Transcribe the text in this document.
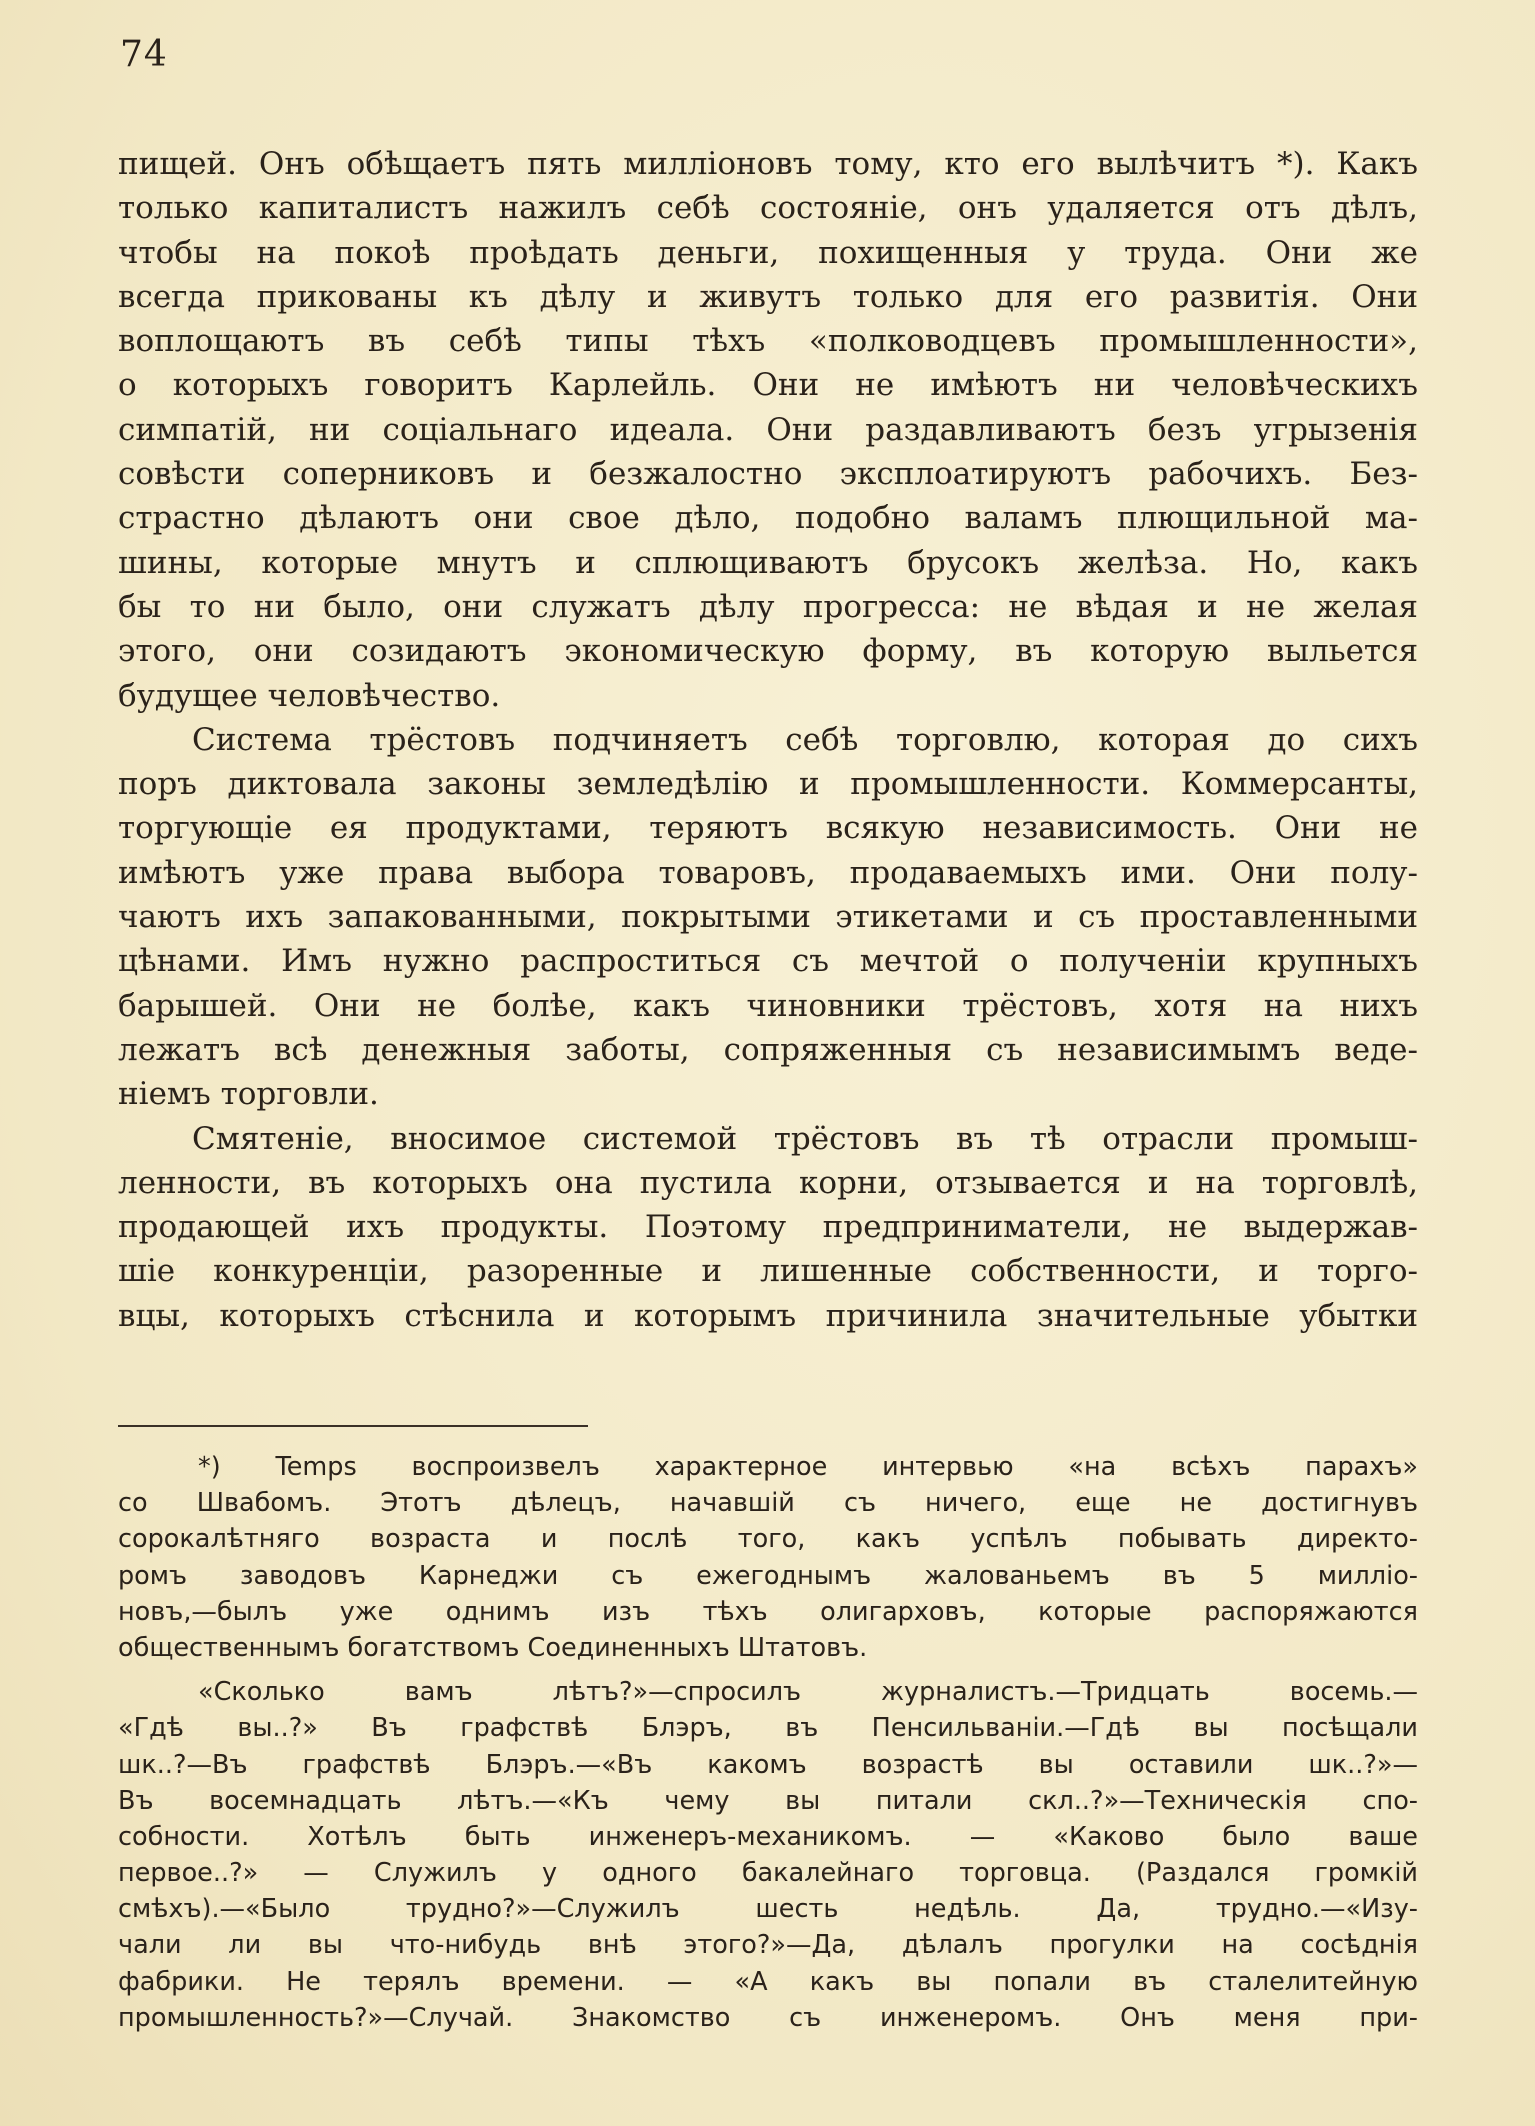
74
пищей. Онъ обѣщаетъ пять милліоновъ тому, кто его вылѣчитъ *). Какъ
только капиталистъ нажилъ себѣ состояніе, онъ удаляется отъ дѣлъ,
чтобы на покоѣ проѣдать деньги, похищенныя у труда. Они же
всегда прикованы къ дѣлу и живутъ только для его развитія. Они
воплощаютъ въ себѣ типы тѣхъ «полководцевъ промышленности»,
о которыхъ говоритъ Карлейль. Они не имѣютъ ни человѣческихъ
симпатій, ни соціальнаго идеала. Они раздавливаютъ безъ угрызенія
совѣсти соперниковъ и безжалостно эксплоатируютъ рабочихъ. Без-
страстно дѣлаютъ они свое дѣло, подобно валамъ плющильной ма-
шины, которые мнутъ и сплющиваютъ брусокъ желѣза. Но, какъ
бы то ни было, они служатъ дѣлу прогресса: не вѣдая и не желая
этого, они созидаютъ экономическую форму, въ которую выльется
будущее человѣчество.
Система трёстовъ подчиняетъ себѣ торговлю, которая до сихъ
поръ диктовала законы земледѣлію и промышленности. Коммерсанты,
торгующіе ея продуктами, теряютъ всякую независимость. Они не
имѣютъ уже права выбора товаровъ, продаваемыхъ ими. Они полу-
чаютъ ихъ запакованными, покрытыми этикетами и съ проставленными
цѣнами. Имъ нужно распроститься съ мечтой о полученіи крупныхъ
барышей. Они не болѣе, какъ чиновники трёстовъ, хотя на нихъ
лежатъ всѣ денежныя заботы, сопряженныя съ независимымъ веде-
ніемъ торговли.
Смятеніе, вносимое системой трёстовъ въ тѣ отрасли промыш-
ленности, въ которыхъ она пустила корни, отзывается и на торговлѣ,
продающей ихъ продукты. Поэтому предприниматели, не выдержав-
шіе конкуренціи, разоренные и лишенные собственности, и торго-
вцы, которыхъ стѣснила и которымъ причинила значительные убытки
*) Temps воспроизвелъ характерное интервью «на всѣхъ парахъ»
со Швабомъ. Этотъ дѣлецъ, начавшій съ ничего, еще не достигнувъ
сорокалѣтняго возраста и послѣ того, какъ успѣлъ побывать директо-
ромъ заводовъ Карнеджи съ ежегоднымъ жалованьемъ въ 5 милліо-
новъ,—былъ уже однимъ изъ тѣхъ олигарховъ, которые распоряжаются
общественнымъ богатствомъ Соединенныхъ Штатовъ.
«Сколько вамъ лѣтъ?»—спросилъ журналистъ.—Тридцать восемь.—
«Гдѣ вы..?» Въ графствѣ Блэръ, въ Пенсильваніи.—Гдѣ вы посѣщали
шк..?—Въ графствѣ Блэръ.—«Въ какомъ возрастѣ вы оставили шк..?»—
Въ восемнадцать лѣтъ.—«Къ чему вы питали скл..?»—Техническія спо-
собности. Хотѣлъ быть инженеръ-механикомъ. — «Каково было ваше
первое..?» — Служилъ у одного бакалейнаго торговца. (Раздался громкій
смѣхъ).—«Было трудно?»—Служилъ шесть недѣль. Да, трудно.—«Изу-
чали ли вы что-нибудь внѣ этого?»—Да, дѣлалъ прогулки на сосѣднія
фабрики. Не терялъ времени. — «А какъ вы попали въ сталелитейную
промышленность?»—Случай. Знакомство съ инженеромъ. Онъ меня при-
